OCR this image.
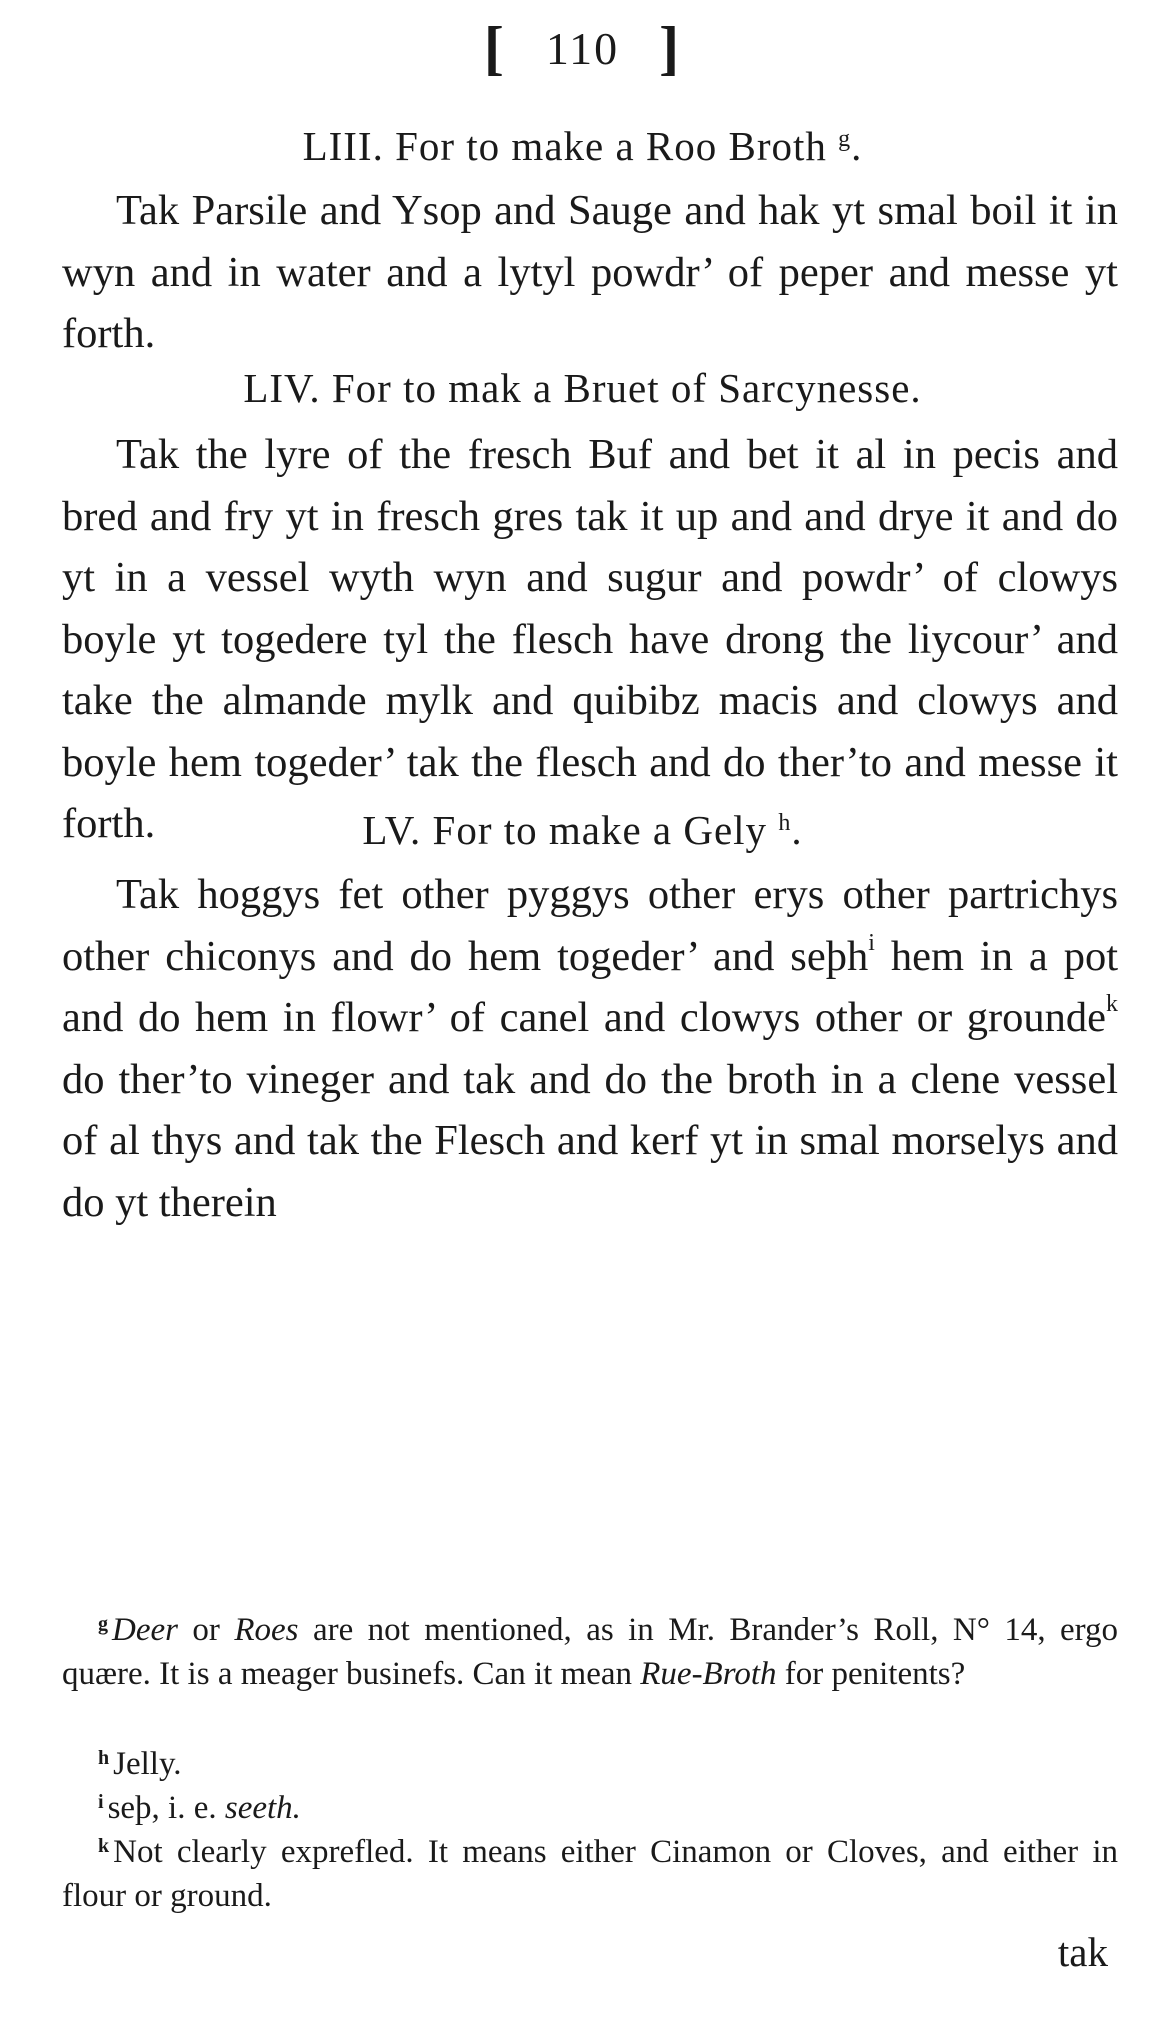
[ 110 ]
LIII. For to make a Roo Broth $^g$.

Tak Parsile and Ysop and Sauge and hak yt smal boil it in wyn and in water and a lytyl powdr’ of peper and messe yt forth.

LIV. For to mak a Bruet of Sarcynesse.

Tak the lyre of the fresch Buf and bet it al in pecis and bred and fry yt in fresch gres tak it up and and drye it and do yt in a vessel wyth wyn and sugur and powdr’ of clowys boyle yt togedere tyl the flesch have drong the liycour’ and take the almande mylk and quibibz macis and clowys and boyle hem togeder’ tak the flesch and do ther’to and messe it forth.	LV. For to make a Gely $^h$.

Tak hoggys fet other pyggys other erys other partrichys other chiconys and do hem togeder’ and seþh$^i$ hem in a pot and do hem in flowr’ of canel and clowys other or grounde$^k$ do ther’to vineger and tak and do the broth in a clene vessel of al thys and tak the Flesch and kerf yt in smal morselys and do yt therein

$^g$ Deer or Roes are not mentioned, as in Mr. Brander’s Roll, N° 14, ergo quære. It is a meager businefs. Can it mean Rue-Broth for penitents?

$^h$ Jelly.

$^i$ seþ, i. e. seeth.

$^k$ Not clearly exprefled. It means either Cinamon or Cloves, and either in flour or ground.

tak
